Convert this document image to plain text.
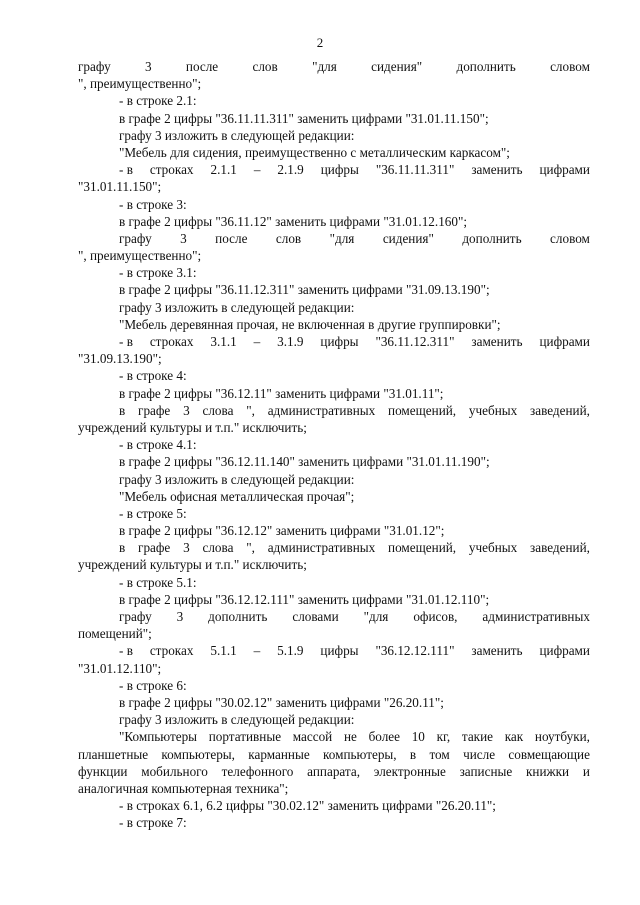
2
графу	3	после	слов	"для	сидения"	дополнить	словом
", преимущественно";
- в строке 2.1:
в графе 2 цифры "36.11.11.311" заменить цифрами "31.01.11.150";
графу 3 изложить в следующей редакции:
"Мебель для сидения, преимущественно с металлическим каркасом";
- в строках 2.1.1 – 2.1.9 цифры "36.11.11.311" заменить цифрами
"31.01.11.150";
- в строке 3:
в графе 2 цифры "36.11.12" заменить цифрами "31.01.12.160";
графу 3 после слов "для сидения" дополнить словом
", преимущественно";
- в строке 3.1:
в графе 2 цифры "36.11.12.311" заменить цифрами "31.09.13.190";
графу 3 изложить в следующей редакции:
"Мебель деревянная прочая, не включенная в другие группировки";
- в строках 3.1.1 – 3.1.9 цифры "36.11.12.311" заменить цифрами
"31.09.13.190";
- в строке 4:
в графе 2 цифры "36.12.11" заменить цифрами "31.01.11";
в графе 3 слова ", административных помещений, учебных заведений,
учреждений культуры и т.п." исключить;
- в строке 4.1:
в графе 2 цифры "36.12.11.140" заменить цифрами "31.01.11.190";
графу 3 изложить в следующей редакции:
"Мебель офисная металлическая прочая";
- в строке 5:
в графе 2 цифры "36.12.12" заменить цифрами "31.01.12";
в графе 3 слова ", административных помещений, учебных заведений,
учреждений культуры и т.п." исключить;
- в строке 5.1:
в графе 2 цифры "36.12.12.111" заменить цифрами "31.01.12.110";
графу 3 дополнить словами "для офисов, административных
помещений";
- в строках 5.1.1 – 5.1.9 цифры "36.12.12.111" заменить цифрами
"31.01.12.110";
- в строке 6:
в графе 2 цифры "30.02.12" заменить цифрами "26.20.11";
графу 3 изложить в следующей редакции:
"Компьютеры портативные массой не более 10 кг, такие как ноутбуки,
планшетные компьютеры, карманные компьютеры, в том числе совмещающие
функции мобильного телефонного аппарата, электронные записные книжки и
аналогичная компьютерная техника";
- в строках 6.1, 6.2 цифры "30.02.12" заменить цифрами "26.20.11";
- в строке 7:
